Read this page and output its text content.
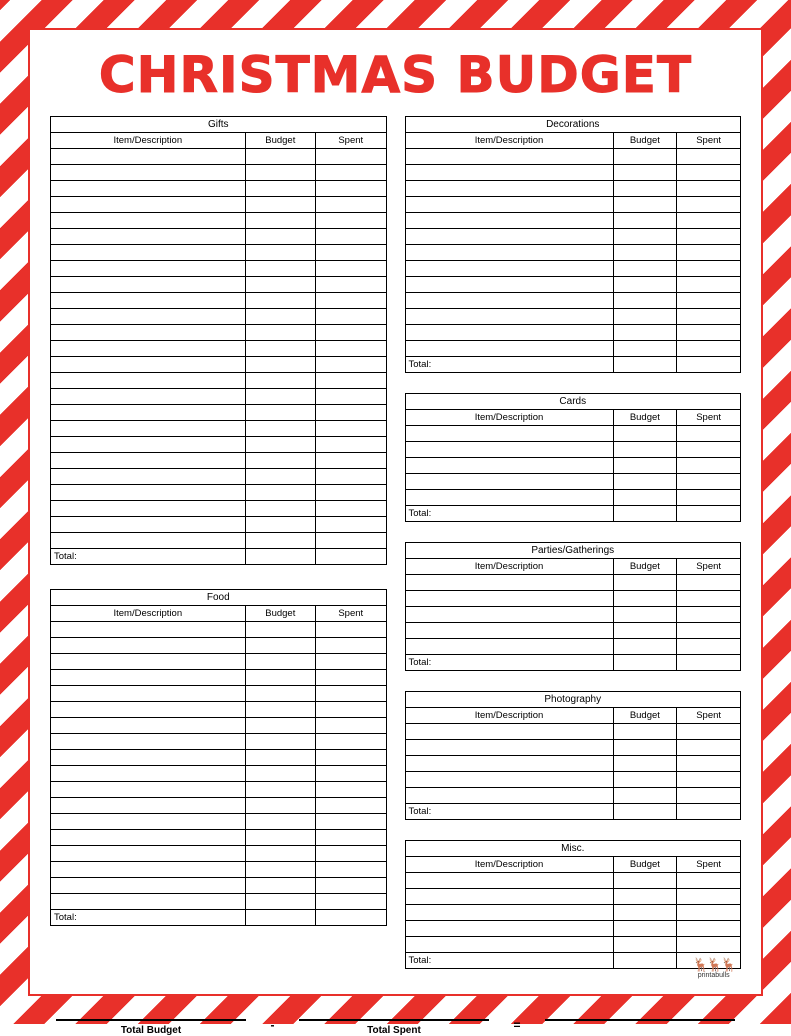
CHRISTMAS BUDGET
Gifts		
Item/Description	Budget	Spent

Total:		
Food		
Item/Description	Budget	Spent

Total:		
Decorations		
Item/Description	Budget	Spent

Total:		
Cards		
Item/Description	Budget	Spent

Total:		
Parties/Gatherings		
Item/Description	Budget	Spent

Total:		
Photography		
Item/Description	Budget	Spent

Total:		
Misc.		
Item/Description	Budget	Spent

Total:		
Total Budget	-	Total Spent	=

🦌🦌🦌
printabulls
